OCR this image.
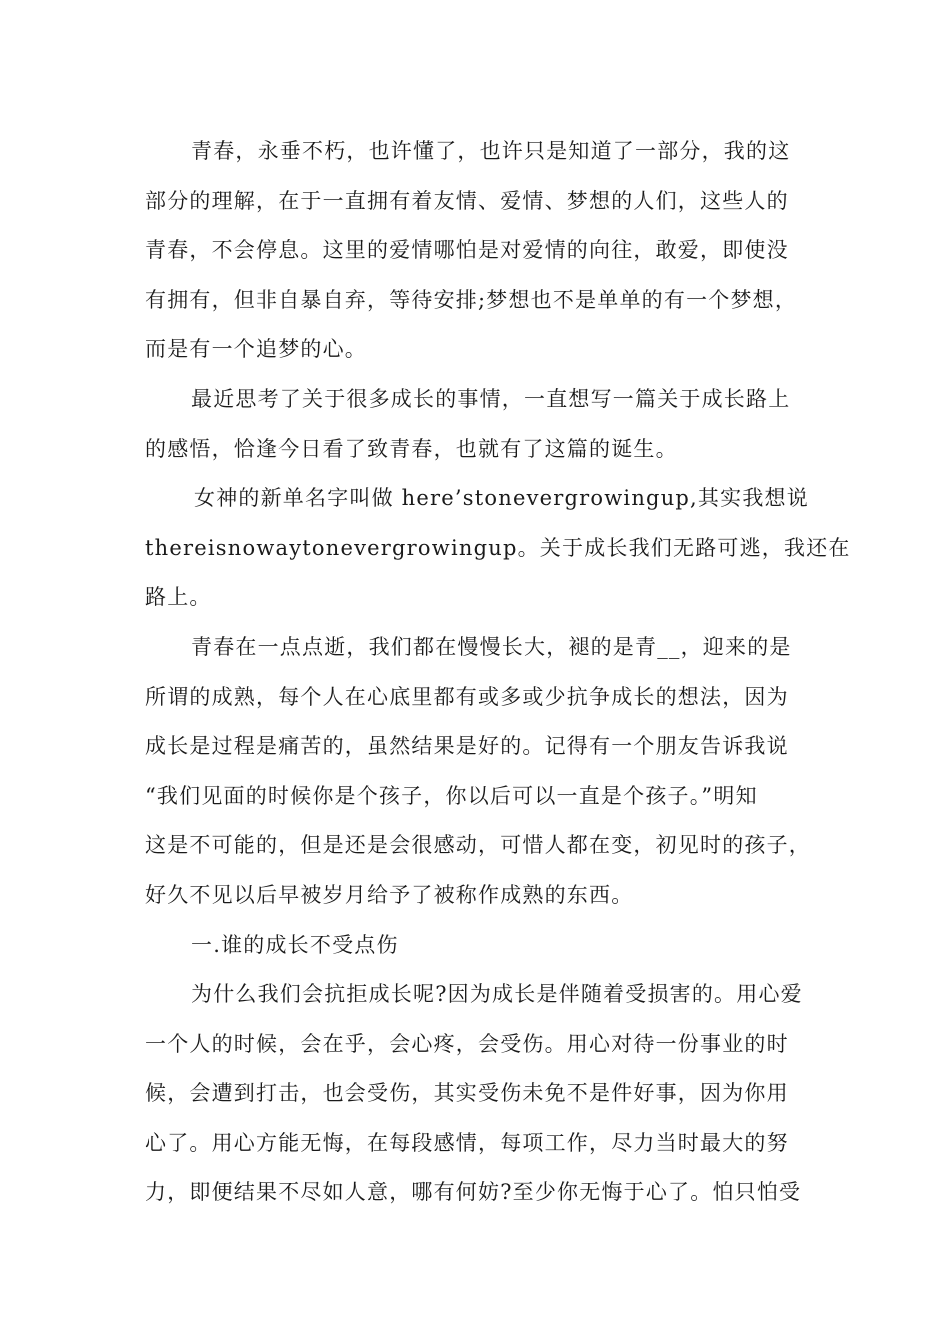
青春，永垂不朽，也许懂了，也许只是知道了一部分，我的这

部分的理解，在于一直拥有着友情、爱情、梦想的人们，这些人的

青春，不会停息。这里的爱情哪怕是对爱情的向往，敢爱，即使没

有拥有，但非自暴自弃，等待安排;梦想也不是单单的有一个梦想，

而是有一个追梦的心。

最近思考了关于很多成长的事情，一直想写一篇关于成长路上

的感悟，恰逢今日看了致青春，也就有了这篇的诞生。

女神的新单名字叫做 here’stonevergrowingup,其实我想说

thereisnowaytonevergrowingup。关于成长我们无路可逃，我还在

路上。

青春在一点点逝，我们都在慢慢长大，褪的是青__，迎来的是

所谓的成熟，每个人在心底里都有或多或少抗争成长的想法，因为

成长是过程是痛苦的，虽然结果是好的。记得有一个朋友告诉我说

“我们见面的时候你是个孩子，你以后可以一直是个孩子。”明知

这是不可能的，但是还是会很感动，可惜人都在变，初见时的孩子，

好久不见以后早被岁月给予了被称作成熟的东西。

一.谁的成长不受点伤

为什么我们会抗拒成长呢?因为成长是伴随着受损害的。用心爱

一个人的时候，会在乎，会心疼，会受伤。用心对待一份事业的时

候，会遭到打击，也会受伤，其实受伤未免不是件好事，因为你用

心了。用心方能无悔，在每段感情，每项工作，尽力当时最大的努

力，即便结果不尽如人意，哪有何妨?至少你无悔于心了。怕只怕受
